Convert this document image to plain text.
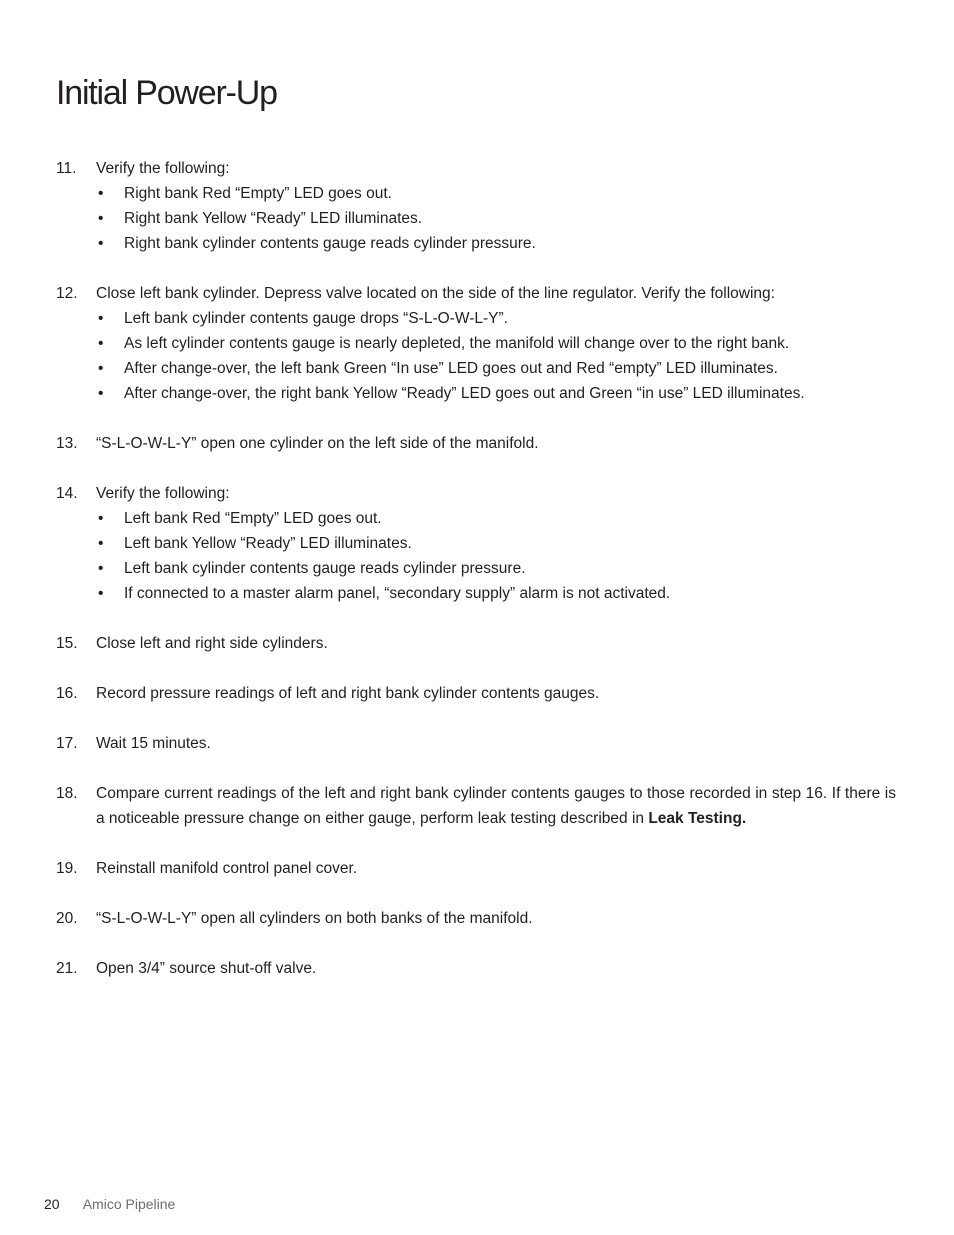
Initial Power-Up
11. Verify the following:
• Right bank Red “Empty” LED goes out.
• Right bank Yellow “Ready” LED illuminates.
• Right bank cylinder contents gauge reads cylinder pressure.
12. Close left bank cylinder. Depress valve located on the side of the line regulator. Verify the following:
• Left bank cylinder contents gauge drops “S-L-O-W-L-Y”.
• As left cylinder contents gauge is nearly depleted, the manifold will change over to the right bank.
• After change-over, the left bank Green “In use” LED goes out and Red “empty” LED illuminates.
• After change-over, the right bank Yellow “Ready” LED goes out and Green “in use” LED illuminates.
13. “S-L-O-W-L-Y” open one cylinder on the left side of the manifold.
14. Verify the following:
• Left bank Red “Empty” LED goes out.
• Left bank Yellow “Ready” LED illuminates.
• Left bank cylinder contents gauge reads cylinder pressure.
• If connected to a master alarm panel, “secondary supply” alarm is not activated.
15. Close left and right side cylinders.
16. Record pressure readings of left and right bank cylinder contents gauges.
17. Wait 15 minutes.
18. Compare current readings of the left and right bank cylinder contents gauges to those recorded in step 16. If there is a noticeable pressure change on either gauge, perform leak testing described in Leak Testing.
19. Reinstall manifold control panel cover.
20. “S-L-O-W-L-Y” open all cylinders on both banks of the manifold.
21. Open 3/4” source shut-off valve.
20 Amico Pipeline
